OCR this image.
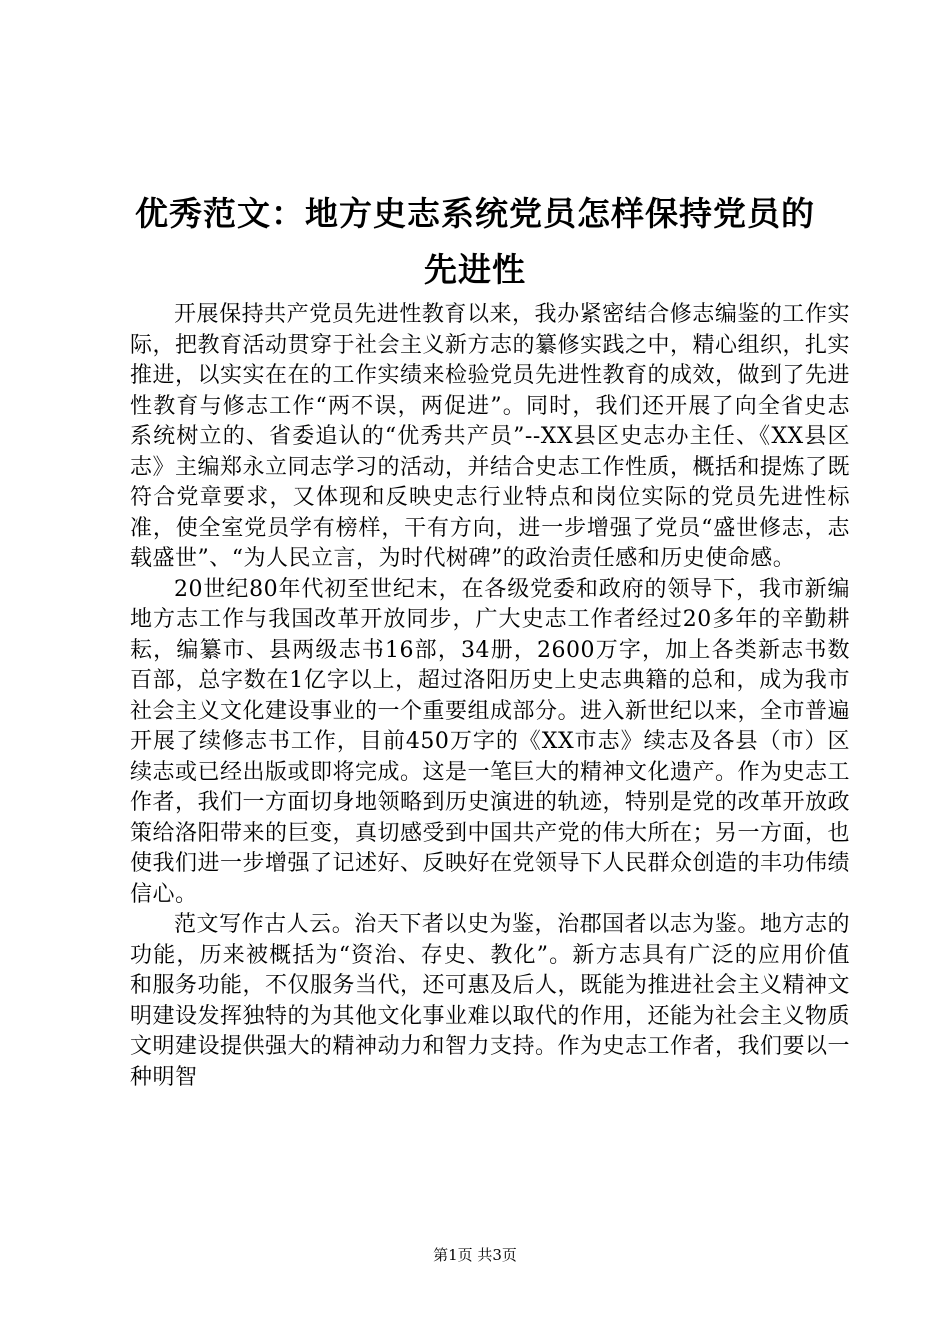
优秀范文：地方史志系统党员怎样保持党员的
先进性

开展保持共产党员先进性教育以来，我办紧密结合修志编鉴的工作实际，把教育活动贯穿于社会主义新方志的纂修实践之中，精心组织，扎实推进，以实实在在的工作实绩来检验党员先进性教育的成效，做到了先进性教育与修志工作“两不误，两促进”。同时，我们还开展了向全省史志系统树立的、省委追认的“优秀共产员”--XX县区史志办主任、《XX县区志》主编郑永立同志学习的活动，并结合史志工作性质，概括和提炼了既符合党章要求，又体现和反映史志行业特点和岗位实际的党员先进性标准，使全室党员学有榜样，干有方向，进一步增强了党员“盛世修志，志载盛世”、“为人民立言，为时代树碑”的政治责任感和历史使命感。

20世纪80年代初至世纪末，在各级党委和政府的领导下，我市新编地方志工作与我国改革开放同步，广大史志工作者经过20多年的辛勤耕耘，编纂市、县两级志书16部，34册，2600万字，加上各类新志书数百部，总字数在1亿字以上，超过洛阳历史上史志典籍的总和，成为我市社会主义文化建设事业的一个重要组成部分。进入新世纪以来，全市普遍开展了续修志书工作，目前450万字的《XX市志》续志及各县（市）区续志或已经出版或即将完成。这是一笔巨大的精神文化遗产。作为史志工作者，我们一方面切身地领略到历史演进的轨迹，特别是党的改革开放政策给洛阳带来的巨变，真切感受到中国共产党的伟大所在；另一方面，也使我们进一步增强了记述好、反映好在党领导下人民群众创造的丰功伟绩信心。

范文写作古人云。治天下者以史为鉴，治郡国者以志为鉴。地方志的功能，历来被概括为“资治、存史、教化”。新方志具有广泛的应用价值和服务功能，不仅服务当代，还可惠及后人，既能为推进社会主义精神文明建设发挥独特的为其他文化事业难以取代的作用，还能为社会主义物质文明建设提供强大的精神动力和智力支持。作为史志工作者，我们要以一种明智

第1页 共3页
